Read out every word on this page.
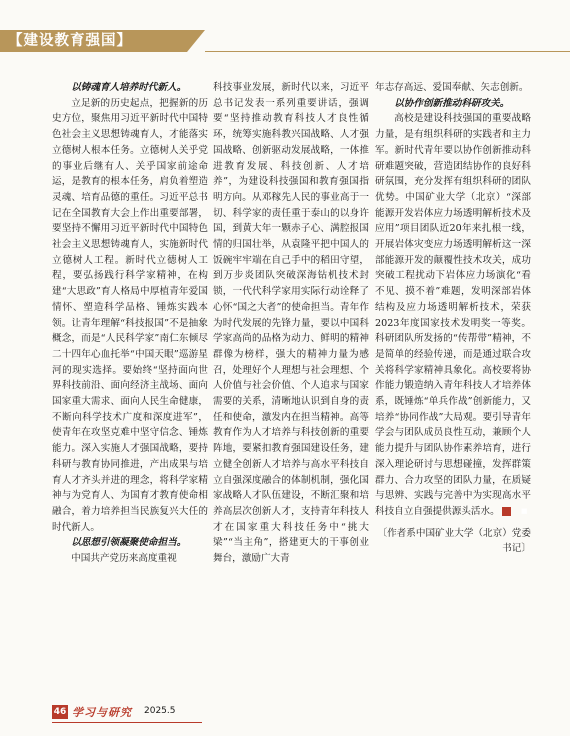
【建设教育强国】

以铸魂育人培养时代新人。

立足新的历史起点，把握新的历史方位，聚焦用习近平新时代中国特色社会主义思想铸魂育人，才能落实立德树人根本任务。立德树人关乎党的事业后继有人、关乎国家前途命运，是教育的根本任务，肩负着塑造灵魂、培育品德的重任。习近平总书记在全国教育大会上作出重要部署，要坚持不懈用习近平新时代中国特色社会主义思想铸魂育人，实施新时代立德树人工程。新时代立德树人工程，要弘扬践行科学家精神，在构建“大思政”育人格局中厚植青年爱国情怀、塑造科学品格、锤炼实践本领。让青年理解“科技报国”不是抽象概念，而是“人民科学家”南仁东倾尽二十四年心血托举“中国天眼”巡游星河的现实选择。要始终“坚持面向世界科技前沿、面向经济主战场、面向国家重大需求、面向人民生命健康，不断向科学技术广度和深度进军”，使青年在攻坚克难中坚守信念、锤炼能力。深入实施人才强国战略，要持科研与教育协同推进，产出成果与培育人才齐头并进的理念，将科学家精神与为党育人、为国育才教育使命相融合，着力培养担当民族复兴大任的时代新人。

以思想引领凝聚使命担当。

中国共产党历来高度重视

科技事业发展，新时代以来，习近平总书记发表一系列重要讲话，强调要“坚持推动教育科技人才良性循环，统筹实施科教兴国战略、人才强国战略、创新驱动发展战略，一体推进教育发展、科技创新、人才培养”，为建设科技强国和教育强国指明方向。从邓稼先人民的事业高于一切、科学家的责任重于泰山的以身许国，到黄大年一颗赤子心、满腔报国情的归国壮举，从袁隆平把中国人的饭碗牢牢端在自己手中的稻田守望，到万步炎团队突破深海钻机技术封锁，一代代科学家用实际行动诠释了心怀“国之大者”的使命担当。青年作为时代发展的先锋力量，要以中国科学家高尚的品格为动力、鲜明的精神群像为榜样，强大的精神力量为感召，处理好个人理想与社会理想、个人价值与社会价值、个人追求与国家需要的关系，清晰地认识到自身的责任和使命，激发内在担当精神。高等教育作为人才培养与科技创新的重要阵地，要紧扣教育强国建设任务，建立健全创新人才培养与高水平科技自立自强深度融合的体制机制，强化国家战略人才队伍建设，不断汇聚和培养高层次创新人才，支持青年科技人才在国家重大科技任务中“挑大梁”“当主角”，搭建更大的干事创业舞台，激励广大青

年志存高远、爱国奉献、矢志创新。

以协作创新推动科研攻关。

高校是建设科技强国的重要战略力量，是有组织科研的实践者和主力军。新时代青年要以协作创新推动科研难题突破，营造团结协作的良好科研氛围，充分发挥有组织科研的团队优势。中国矿业大学（北京）“深部能源开发岩体应力场透明解析技术及应用”项目团队近20年来扎根一线，开展岩体灾变应力场透明解析这一深部能源开发的颠覆性技术攻关，成功突破工程扰动下岩体应力场演化“看不见、摸不着”难题，发明深部岩体结构及应力场透明解析技术，荣获2023年度国家技术发明奖一等奖。科研团队所发扬的“传帮带”精神，不是简单的经验传递，而是通过联合攻关将科学家精神具象化。高校要将协作能力锻造纳入青年科技人才培养体系，既锤炼“单兵作战”创新能力，又培养“协同作战”大局观。要引导青年学会与团队成员良性互动，兼顾个人能力提升与团队协作素养培育，进行深入理论研讨与思想碰撞，发挥群策群力、合力攻坚的团队力量，在质疑与思辨、实践与完善中为实现高水平科技自立自强提供源头活水。	■

〔作者系中国矿业大学（北京）党委书记〕

46 学习与研究 2025.5
